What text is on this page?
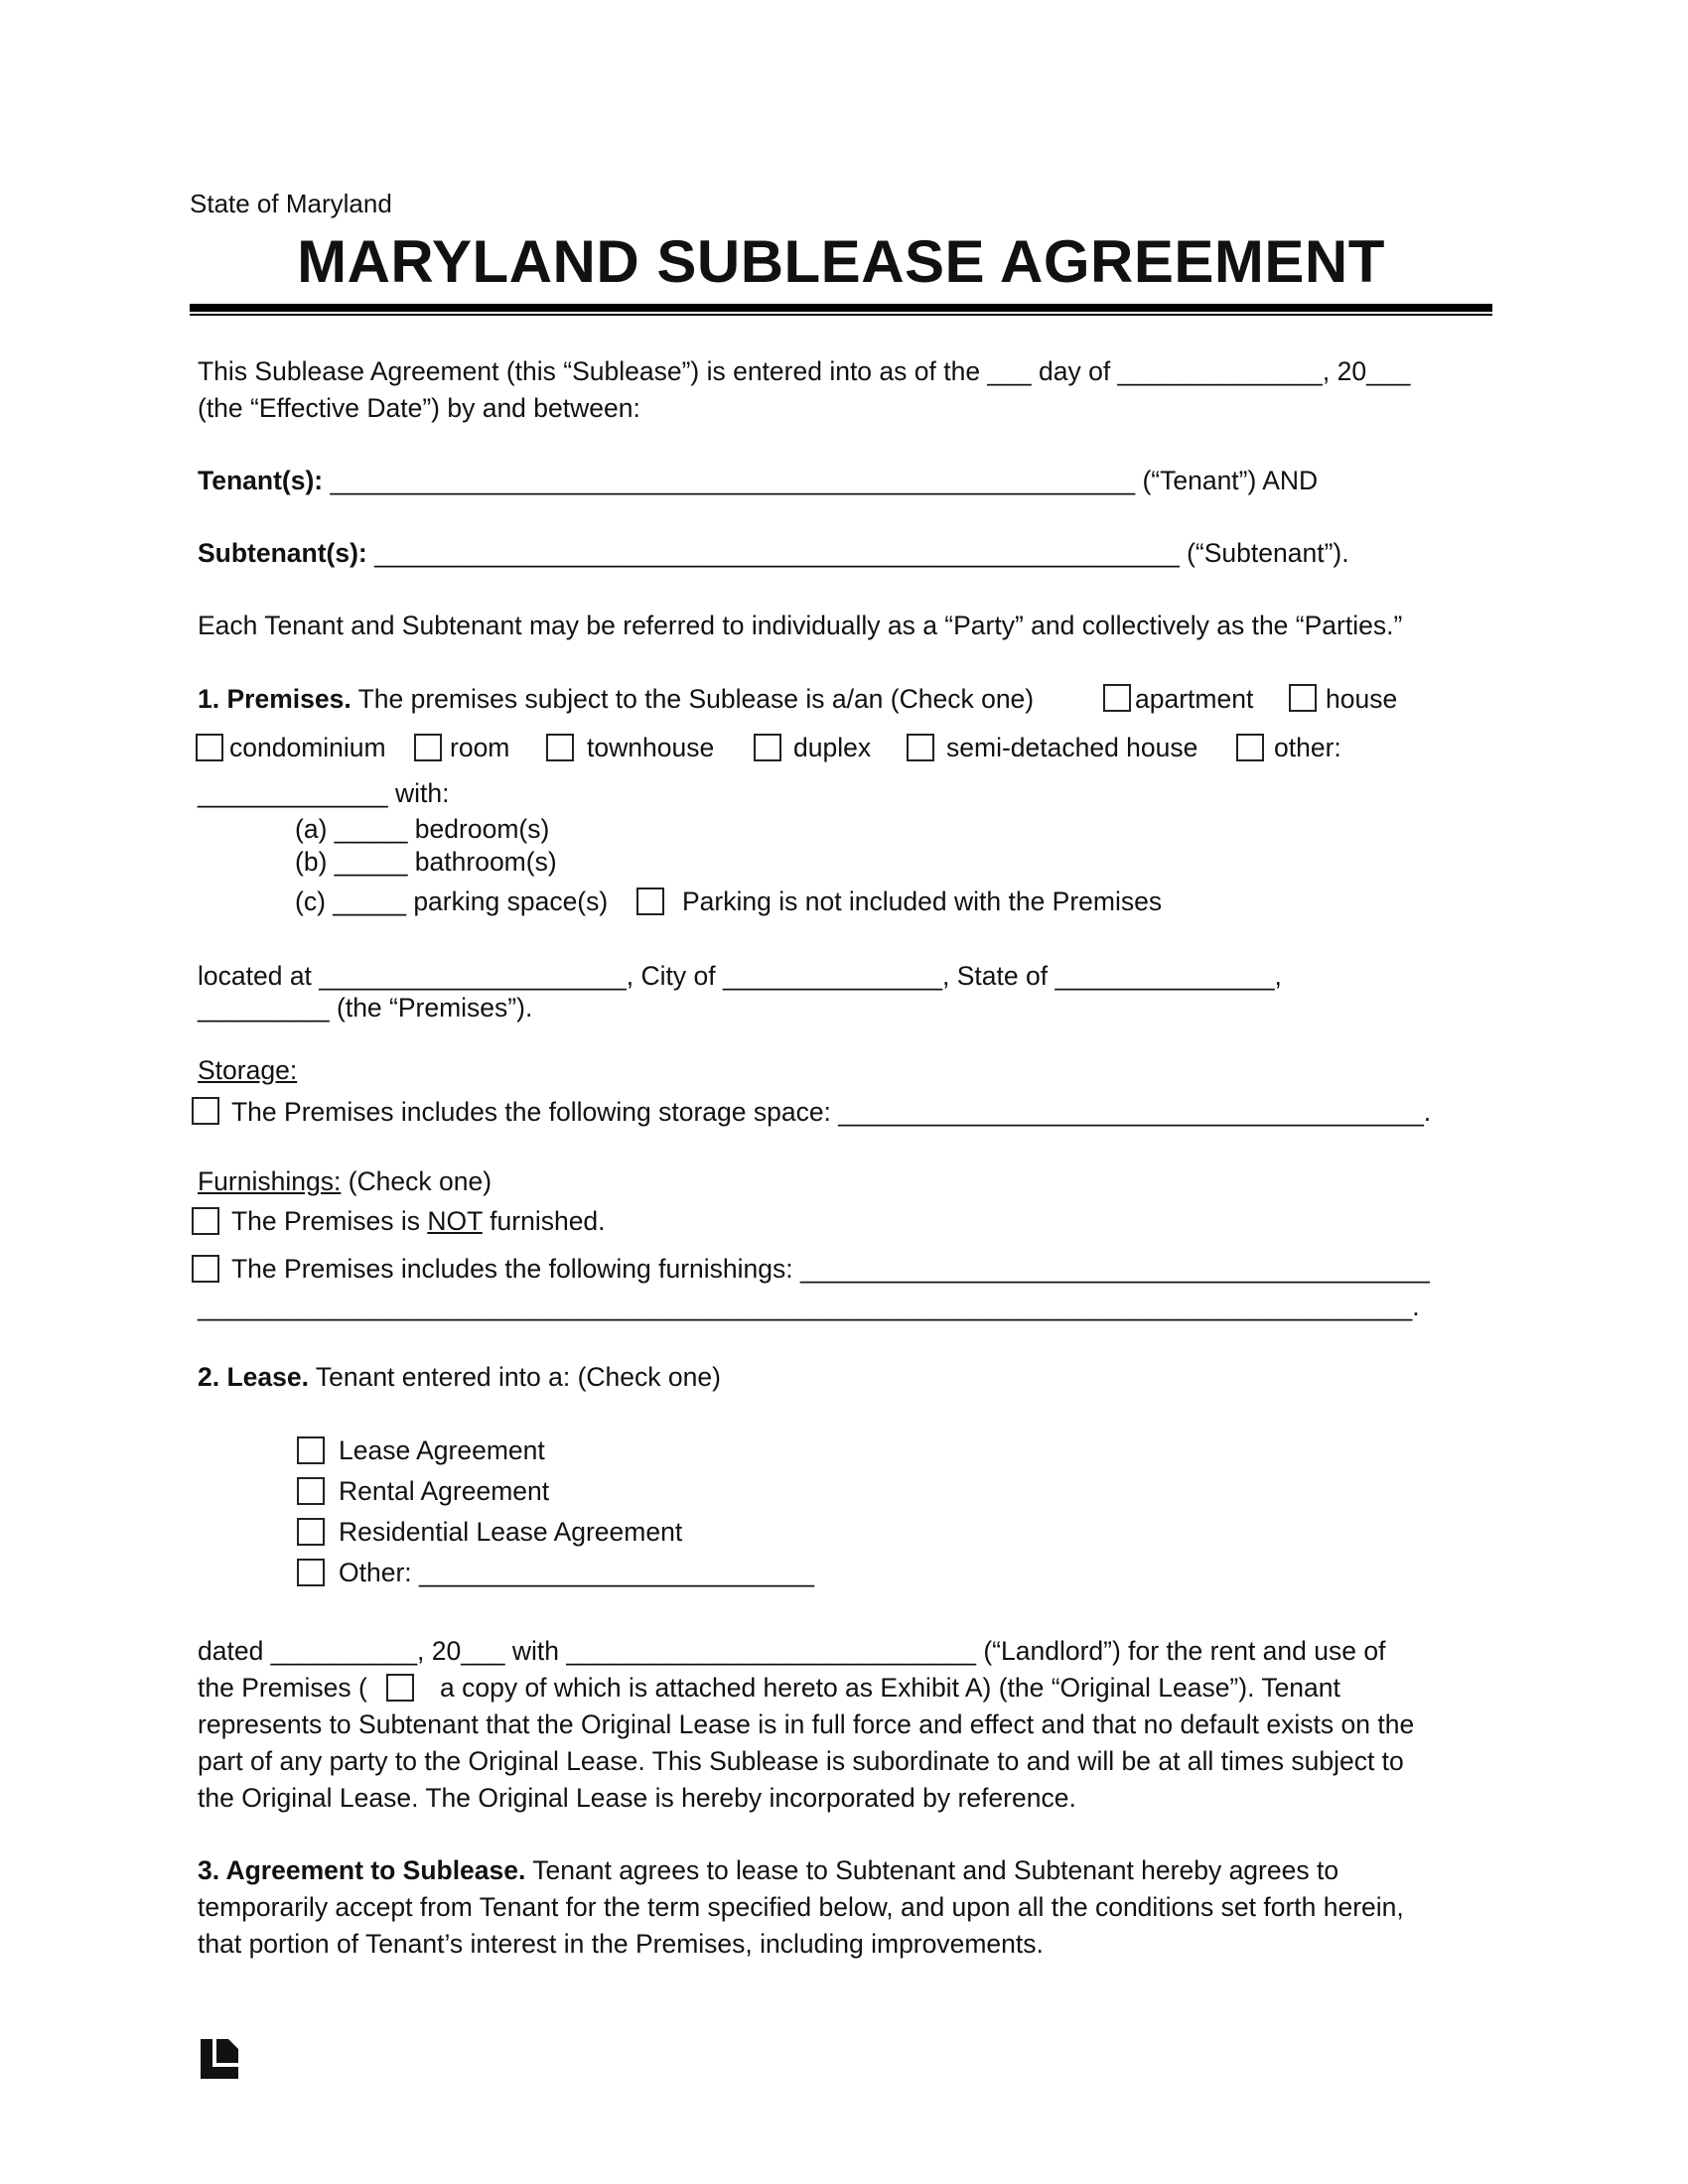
State of Maryland
MARYLAND SUBLEASE AGREEMENT
This Sublease Agreement (this “Sublease”) is entered into as of the ___ day of ______________, 20___
(the “Effective Date”) by and between:
Tenant(s): _______________________________________________________ (“Tenant”) AND
Subtenant(s): _______________________________________________________ (“Subtenant”).
Each Tenant and Subtenant may be referred to individually as a “Party” and collectively as the “Parties.”
1. Premises. The premises subject to the Sublease is a/an (Check one)	apartment	house
condominium room	townhouse	duplex	semi-detached house	other:
_____________ with:
(a) _____ bedroom(s)
(b) _____ bathroom(s)
(c) _____ parking space(s)	Parking is not included with the Premises
located at _____________________, City of _______________, State of _______________,
_________ (the “Premises”).
Storage:
The Premises includes the following storage space: ________________________________________.
Furnishings: (Check one)
The Premises is NOT furnished.
The Premises includes the following furnishings: ___________________________________________
___________________________________________________________________________________.
2. Lease. Tenant entered into a: (Check one)
Lease Agreement
Rental Agreement
Residential Lease Agreement
Other: ___________________________
dated __________, 20___ with ____________________________ (“Landlord”) for the rent and use of
the Premises (	a copy of which is attached hereto as Exhibit A) (the “Original Lease”). Tenant
represents to Subtenant that the Original Lease is in full force and effect and that no default exists on the
part of any party to the Original Lease. This Sublease is subordinate to and will be at all times subject to
the Original Lease. The Original Lease is hereby incorporated by reference.
3. Agreement to Sublease. Tenant agrees to lease to Subtenant and Subtenant hereby agrees to
temporarily accept from Tenant for the term specified below, and upon all the conditions set forth herein,
that portion of Tenant’s interest in the Premises, including improvements.
